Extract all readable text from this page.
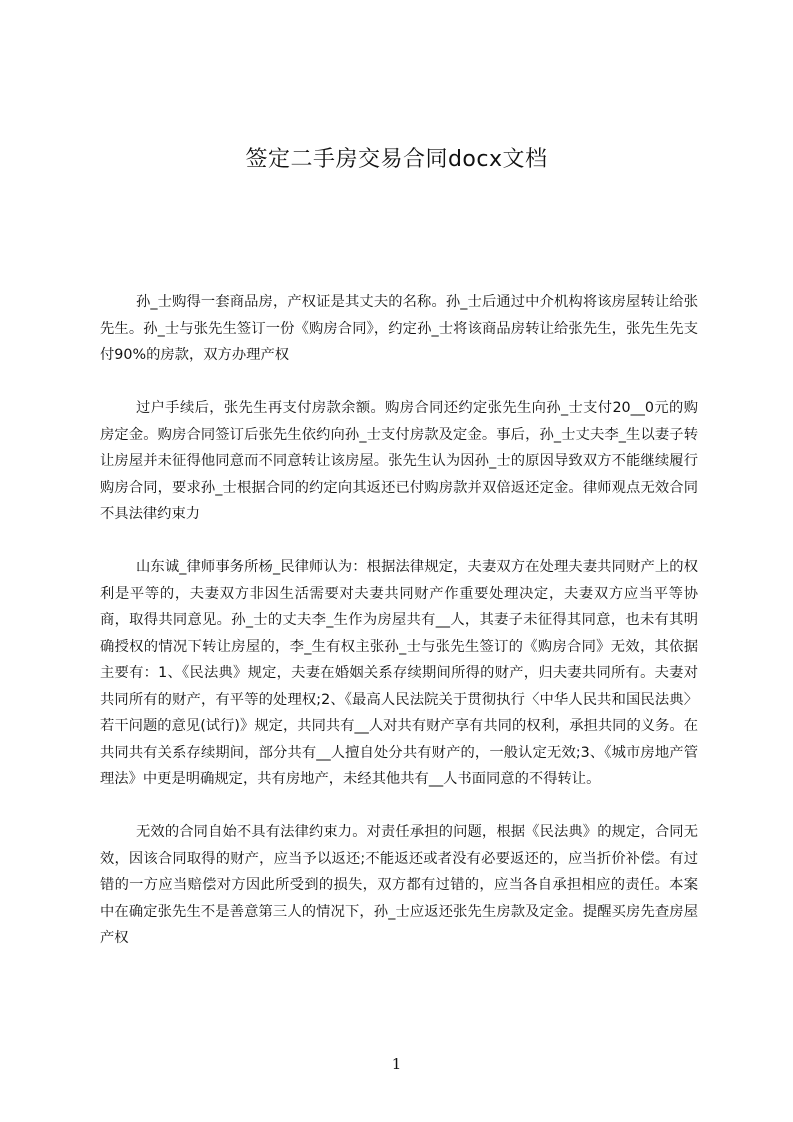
签定二手房交易合同docx文档

孙_士购得一套商品房，产权证是其丈夫的名称。孙_士后通过中介机构将该房屋转让给张先生。孙_士与张先生签订一份《购房合同》，约定孙_士将该商品房转让给张先生，张先生先支付90%的房款，双方办理产权

过户手续后，张先生再支付房款余额。购房合同还约定张先生向孙_士支付20__0元的购房定金。购房合同签订后张先生依约向孙_士支付房款及定金。事后，孙_士丈夫李_生以妻子转让房屋并未征得他同意而不同意转让该房屋。张先生认为因孙_士的原因导致双方不能继续履行购房合同，要求孙_士根据合同的约定向其返还已付购房款并双倍返还定金。律师观点无效合同不具法律约束力

山东诚_律师事务所杨_民律师认为：根据法律规定，夫妻双方在处理夫妻共同财产上的权利是平等的，夫妻双方非因生活需要对夫妻共同财产作重要处理决定，夫妻双方应当平等协商，取得共同意见。孙_士的丈夫李_生作为房屋共有__人，其妻子未征得其同意，也未有其明确授权的情况下转让房屋的，李_生有权主张孙_士与张先生签订的《购房合同》无效，其依据主要有：1、《民法典》规定，夫妻在婚姻关系存续期间所得的财产，归夫妻共同所有。夫妻对共同所有的财产，有平等的处理权;2、《最高人民法院关于贯彻执行〈中华人民共和国民法典〉若干问题的意见(试行)》规定，共同共有__人对共有财产享有共同的权利，承担共同的义务。在共同共有关系存续期间，部分共有__人擅自处分共有财产的，一般认定无效;3、《城市房地产管理法》中更是明确规定，共有房地产，未经其他共有__人书面同意的不得转让。

无效的合同自始不具有法律约束力。对责任承担的问题，根据《民法典》的规定，合同无效，因该合同取得的财产，应当予以返还;不能返还或者没有必要返还的，应当折价补偿。有过错的一方应当赔偿对方因此所受到的损失，双方都有过错的，应当各自承担相应的责任。本案中在确定张先生不是善意第三人的情况下，孙_士应返还张先生房款及定金。提醒买房先查房屋产权

1
